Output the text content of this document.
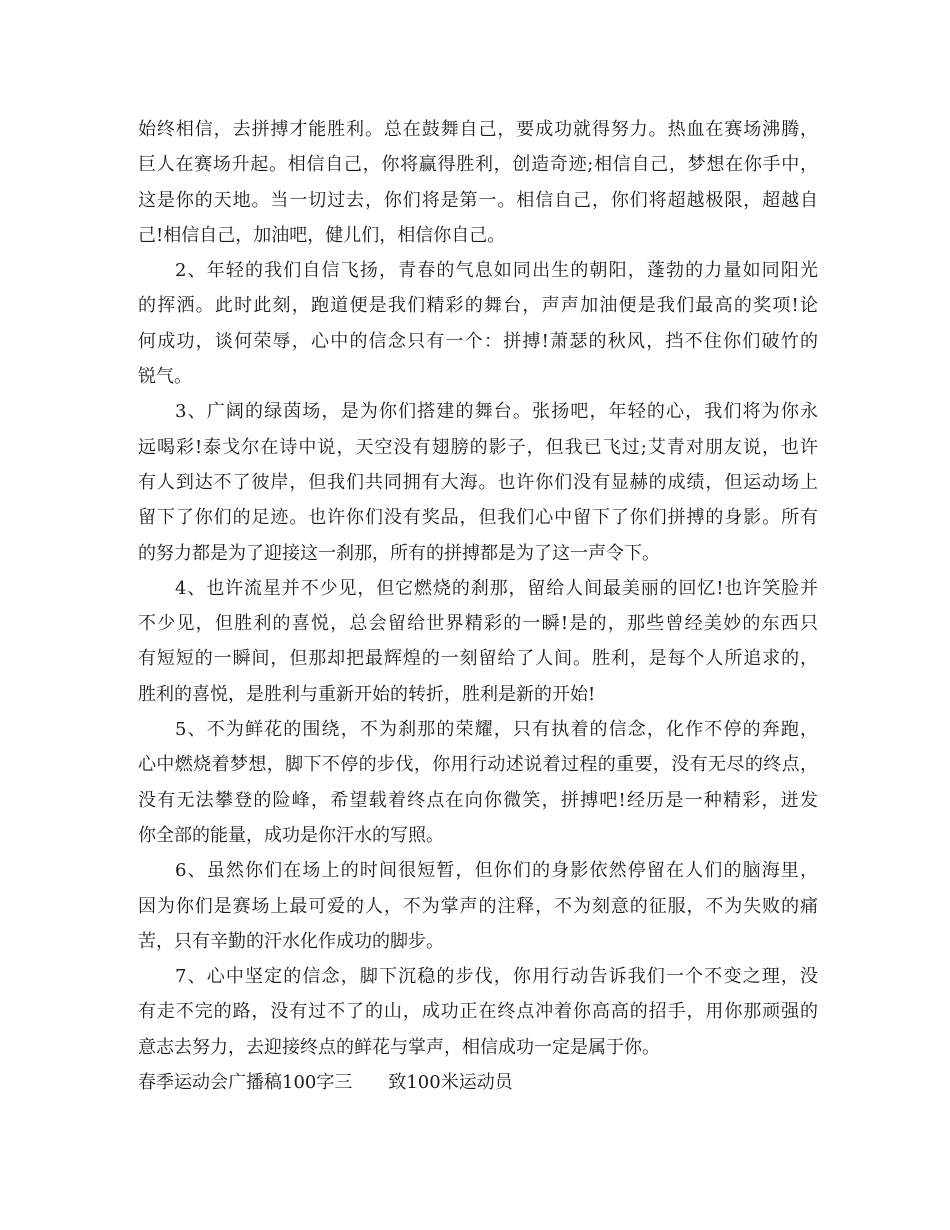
始终相信，去拼搏才能胜利。总在鼓舞自己，要成功就得努力。热血在赛场沸腾，
巨人在赛场升起。相信自己，你将赢得胜利，创造奇迹;相信自己，梦想在你手中，
这是你的天地。当一切过去，你们将是第一。相信自己，你们将超越极限，超越自
己!相信自己，加油吧，健儿们，相信你自己。
2、年轻的我们自信飞扬，青春的气息如同出生的朝阳，蓬勃的力量如同阳光
的挥洒。此时此刻，跑道便是我们精彩的舞台，声声加油便是我们最高的奖项!论
何成功，谈何荣辱，心中的信念只有一个：拼搏!萧瑟的秋风，挡不住你们破竹的
锐气。
3、广阔的绿茵场，是为你们搭建的舞台。张扬吧，年轻的心，我们将为你永
远喝彩!泰戈尔在诗中说，天空没有翅膀的影子，但我已飞过;艾青对朋友说，也许
有人到达不了彼岸，但我们共同拥有大海。也许你们没有显赫的成绩，但运动场上
留下了你们的足迹。也许你们没有奖品，但我们心中留下了你们拼搏的身影。所有
的努力都是为了迎接这一刹那，所有的拼搏都是为了这一声令下。
4、也许流星并不少见，但它燃烧的刹那，留给人间最美丽的回忆!也许笑脸并
不少见，但胜利的喜悦，总会留给世界精彩的一瞬!是的，那些曾经美妙的东西只
有短短的一瞬间，但那却把最辉煌的一刻留给了人间。胜利，是每个人所追求的，
胜利的喜悦，是胜利与重新开始的转折，胜利是新的开始!
5、不为鲜花的围绕，不为刹那的荣耀，只有执着的信念，化作不停的奔跑，
心中燃烧着梦想，脚下不停的步伐，你用行动述说着过程的重要，没有无尽的终点，
没有无法攀登的险峰，希望载着终点在向你微笑，拼搏吧!经历是一种精彩，迸发
你全部的能量，成功是你汗水的写照。
6、虽然你们在场上的时间很短暂，但你们的身影依然停留在人们的脑海里，
因为你们是赛场上最可爱的人，不为掌声的注释，不为刻意的征服，不为失败的痛
苦，只有辛勤的汗水化作成功的脚步。
7、心中坚定的信念，脚下沉稳的步伐，你用行动告诉我们一个不变之理，没
有走不完的路，没有过不了的山，成功正在终点冲着你高高的招手，用你那顽强的
意志去努力，去迎接终点的鲜花与掌声，相信成功一定是属于你。
春季运动会广播稿100字三　　致100米运动员
